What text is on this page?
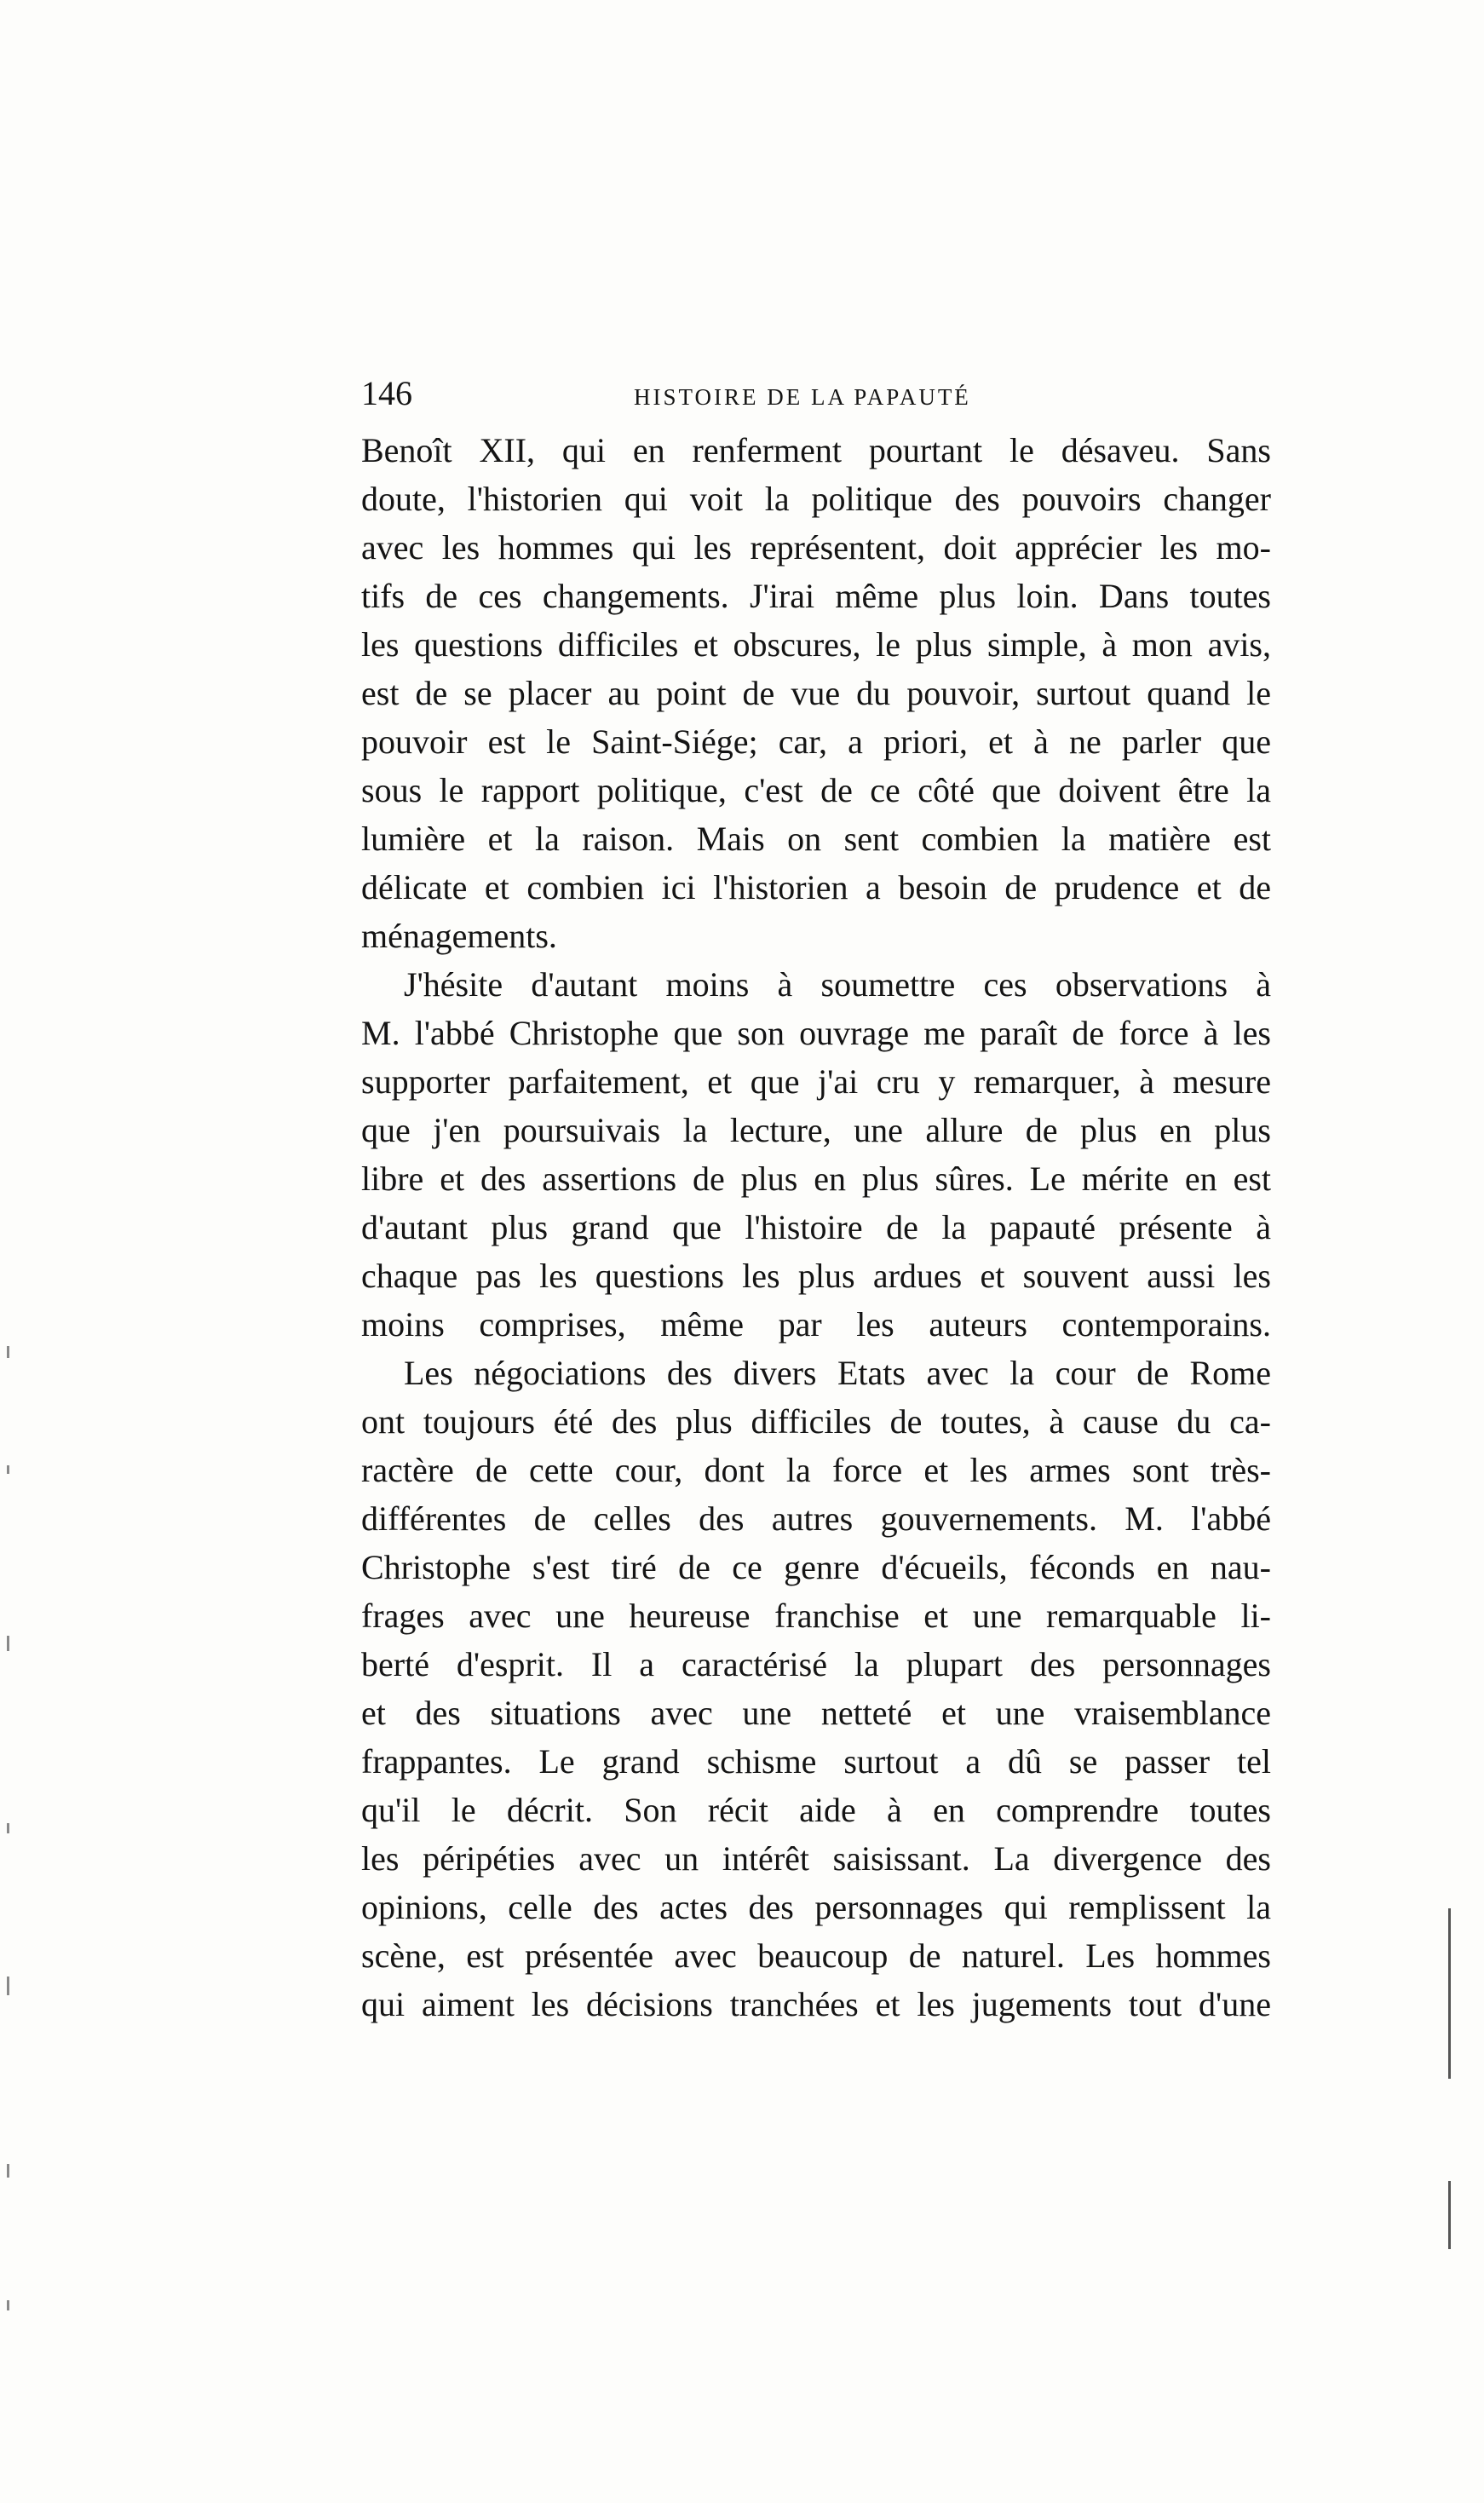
146	HISTOIRE DE LA PAPAUTÉ
Benoît XII, qui en renferment pourtant le désaveu. Sans
doute, l'historien qui voit la politique des pouvoirs changer
avec les hommes qui les représentent, doit apprécier les mo-
tifs de ces changements. J'irai même plus loin. Dans toutes
les questions difficiles et obscures, le plus simple, à mon avis,
est de se placer au point de vue du pouvoir, surtout quand le
pouvoir est le Saint-Siége; car, a priori, et à ne parler que
sous le rapport politique, c'est de ce côté que doivent être la
lumière et la raison. Mais on sent combien la matière est
délicate et combien ici l'historien a besoin de prudence et de
ménagements.
J'hésite d'autant moins à soumettre ces observations à
M. l'abbé Christophe que son ouvrage me paraît de force à les
supporter parfaitement, et que j'ai cru y remarquer, à mesure
que j'en poursuivais la lecture, une allure de plus en plus
libre et des assertions de plus en plus sûres. Le mérite en est
d'autant plus grand que l'histoire de la papauté présente à
chaque pas les questions les plus ardues et souvent aussi les
moins comprises, même par les auteurs contemporains.
Les négociations des divers Etats avec la cour de Rome
ont toujours été des plus difficiles de toutes, à cause du ca-
ractère de cette cour, dont la force et les armes sont très-
différentes de celles des autres gouvernements. M. l'abbé
Christophe s'est tiré de ce genre d'écueils, féconds en nau-
frages avec une heureuse franchise et une remarquable li-
berté d'esprit. Il a caractérisé la plupart des personnages
et des situations avec une netteté et une vraisemblance
frappantes. Le grand schisme surtout a dû se passer tel
qu'il le décrit. Son récit aide à en comprendre toutes
les péripéties avec un intérêt saisissant. La divergence des
opinions, celle des actes des personnages qui remplissent la
scène, est présentée avec beaucoup de naturel. Les hommes
qui aiment les décisions tranchées et les jugements tout d'une
